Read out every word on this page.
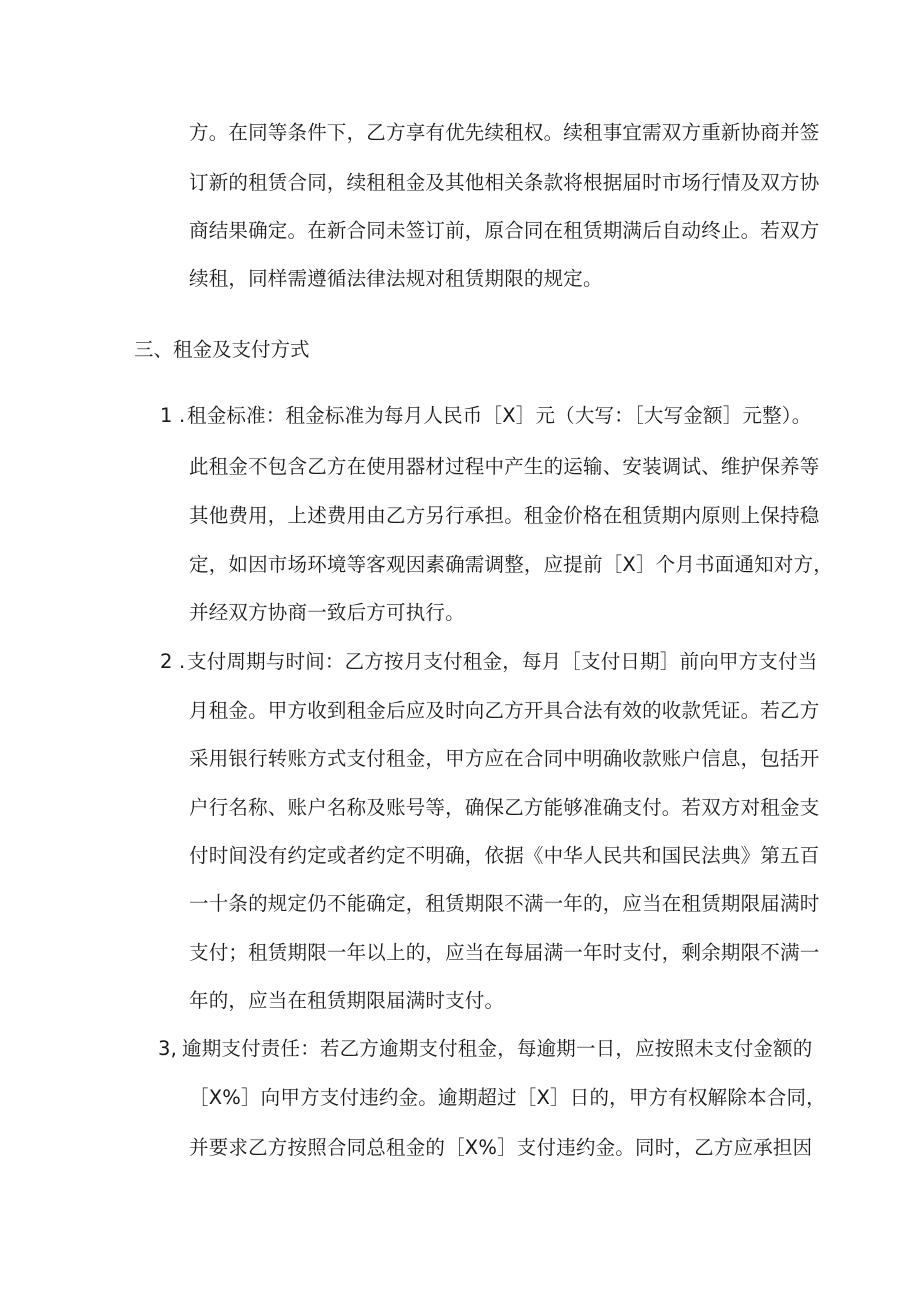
方。在同等条件下，乙方享有优先续租权。续租事宜需双方重新协商并签
订新的租赁合同，续租租金及其他相关条款将根据届时市场行情及双方协
商结果确定。在新合同未签订前，原合同在租赁期满后自动终止。若双方
续租，同样需遵循法律法规对租赁期限的规定。
三、租金及支付方式
1 . 租金标准：租金标准为每月人民币［X］元（大写：［大写金额］元整）。
此租金不包含乙方在使用器材过程中产生的运输、安装调试、维护保养等
其他费用，上述费用由乙方另行承担。租金价格在租赁期内原则上保持稳
定，如因市场环境等客观因素确需调整，应提前［X］个月书面通知对方，
并经双方协商一致后方可执行。
2 . 支付周期与时间：乙方按月支付租金，每月［支付日期］前向甲方支付当
月租金。甲方收到租金后应及时向乙方开具合法有效的收款凭证。若乙方
采用银行转账方式支付租金，甲方应在合同中明确收款账户信息，包括开
户行名称、账户名称及账号等，确保乙方能够准确支付。若双方对租金支
付时间没有约定或者约定不明确，依据《中华人民共和国民法典》第五百
一十条的规定仍不能确定，租赁期限不满一年的，应当在租赁期限届满时
支付；租赁期限一年以上的，应当在每届满一年时支付，剩余期限不满一
年的，应当在租赁期限届满时支付。
3, 逾期支付责任：若乙方逾期支付租金，每逾期一日，应按照未支付金额的
［X%］向甲方支付违约金。逾期超过［X］日的，甲方有权解除本合同，
并要求乙方按照合同总租金的［X%］支付违约金。同时，乙方应承担因
